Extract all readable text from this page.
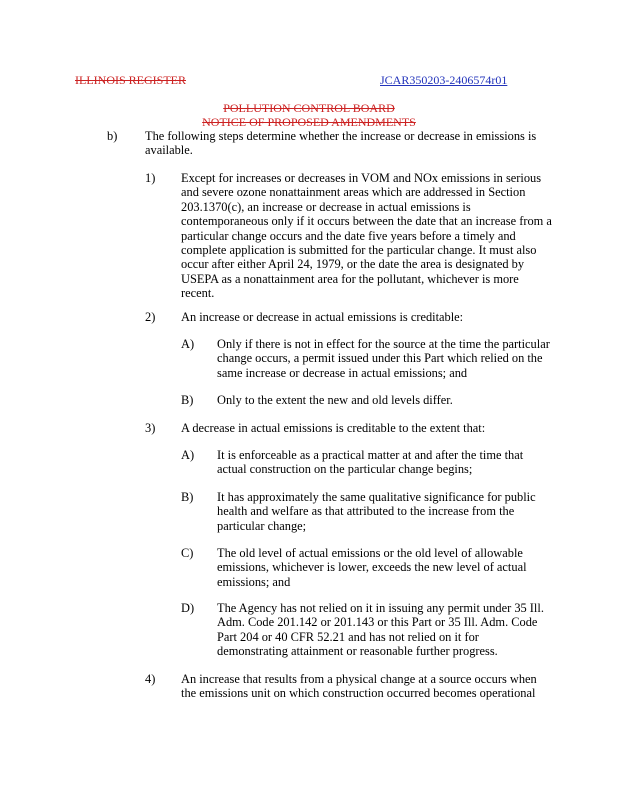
ILLINOIS REGISTER	JCAR350203-2406574r01
POLLUTION CONTROL BOARD
NOTICE OF PROPOSED AMENDMENTS
b) The following steps determine whether the increase or decrease in emissions is
available.
1) Except for increases or decreases in VOM and NOx emissions in serious
and severe ozone nonattainment areas which are addressed in Section
203.1370(c), an increase or decrease in actual emissions is
contemporaneous only if it occurs between the date that an increase from a
particular change occurs and the date five years before a timely and
complete application is submitted for the particular change. It must also
occur after either April 24, 1979, or the date the area is designated by
USEPA as a nonattainment area for the pollutant, whichever is more
recent.
2) An increase or decrease in actual emissions is creditable:
A) Only if there is not in effect for the source at the time the particular
change occurs, a permit issued under this Part which relied on the
same increase or decrease in actual emissions; and
B) Only to the extent the new and old levels differ.
3) A decrease in actual emissions is creditable to the extent that:
A) It is enforceable as a practical matter at and after the time that
actual construction on the particular change begins;
B) It has approximately the same qualitative significance for public
health and welfare as that attributed to the increase from the
particular change;
C) The old level of actual emissions or the old level of allowable
emissions, whichever is lower, exceeds the new level of actual
emissions; and
D) The Agency has not relied on it in issuing any permit under 35 Ill.
Adm. Code 201.142 or 201.143 or this Part or 35 Ill. Adm. Code
Part 204 or 40 CFR 52.21 and has not relied on it for
demonstrating attainment or reasonable further progress.
4) An increase that results from a physical change at a source occurs when
the emissions unit on which construction occurred becomes operational
